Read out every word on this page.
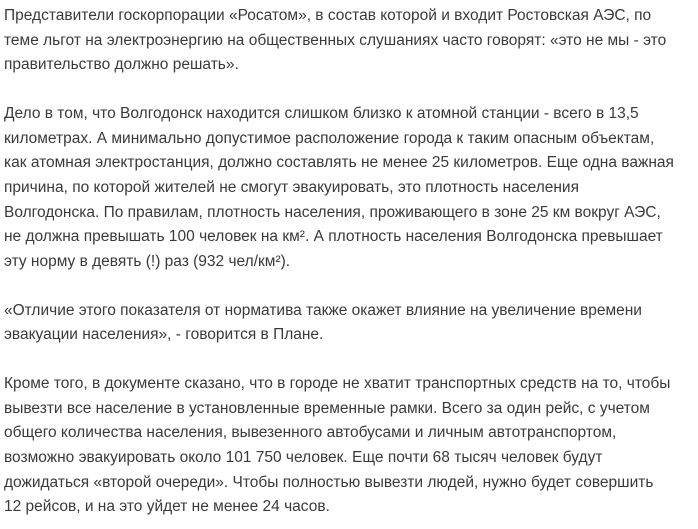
Представители госкорпорации «Росатом», в состав которой и входит Ростовская АЭС, по
теме льгот на электроэнергию на общественных слушаниях часто говорят: «это не мы - это
правительство должно решать».

Дело в том, что Волгодонск находится слишком близко к атомной станции - всего в 13,5
километрах. А минимально допустимое расположение города к таким опасным объектам,
как атомная электростанция, должно составлять не менее 25 километров. Еще одна важная
причина, по которой жителей не смогут эвакуировать, это плотность населения
Волгодонска. По правилам, плотность населения, проживающего в зоне 25 км вокруг АЭС,
не должна превышать 100 человек на км². А плотность населения Волгодонска превышает
эту норму в девять (!) раз (932 чел/км²).

«Отличие этого показателя от норматива также окажет влияние на увеличение времени
эвакуации населения», - говорится в Плане.

Кроме того, в документе сказано, что в городе не хватит транспортных средств на то, чтобы
вывезти все население в установленные временные рамки. Всего за один рейс, с учетом
общего количества населения, вывезенного автобусами и личным автотранспортом,
возможно эвакуировать около 101 750 человек. Еще почти 68 тысяч человек будут
дожидаться «второй очереди». Чтобы полностью вывезти людей, нужно будет совершить
12 рейсов, и на это уйдет не менее 24 часов.
